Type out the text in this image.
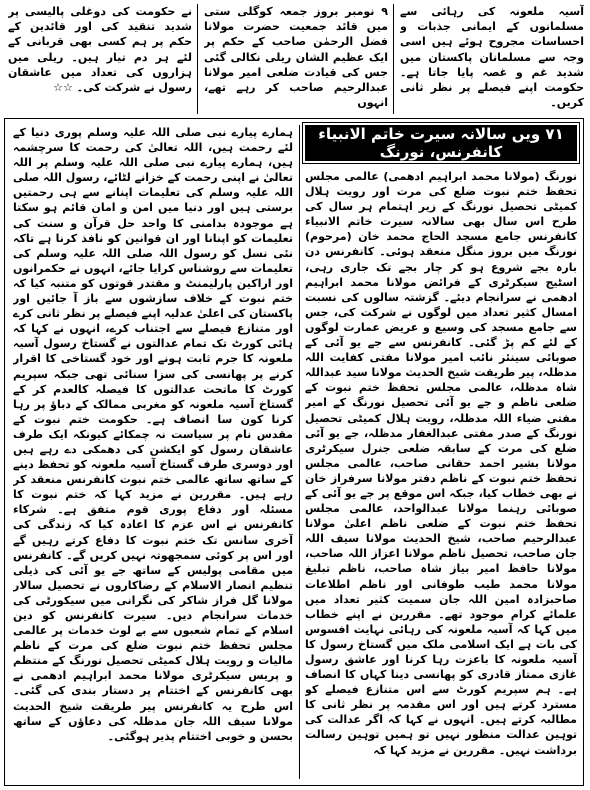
آسیہ ملعونہ کی رہائی سے مسلمانوں کے ایمانی جذبات و احساسات مجروح ہوئے ہیں اسی وجہ سے مسلمانان پاکستان میں شدید غم و غصہ پایا جاتا ہے۔ حکومت اپنے فیصلے پر نظر ثانی کریں۔

۹ نومبر بروز جمعہ کوگلی ستی میں قائد جمعیت حضرت مولانا فضل الرحمٰن صاحب کے حکم پر ایک عظیم الشان ریلی نکالی گئی جس کی قیادت ضلعی امیر مولانا عبدالرحیم صاحب کر رہے تھے، انہوں

نے حکومت کی دوغلی پالیسی پر شدید تنقید کی اور قائدین کے حکم پر ہم کسی بھی قربانی کے لئے ہر دم تیار ہیں۔ ریلی میں ہزاروں کی تعداد میں عاشقان رسول نے شرکت کی۔ ☆☆

۷۱ ویں سالانہ سیرت خاتم الانبیاء کانفرنس، نورنگ

نورنگ (مولانا محمد ابراہیم ادھمی) عالمی مجلس تحفظ ختم نبوت ضلع کی مرت اور رویت ہلال کمیٹی تحصیل نورنگ کے زیر اہتمام ہر سال کی طرح اس سال بھی سالانہ سیرت خاتم الانبیاء کانفرنس جامع مسجد الحاج محمد خان (مرحوم) نورنگ میں بروز منگل منعقد ہوئی۔ کانفرنس دن بارہ بجے شروع ہو کر چار بجے تک جاری رہی، اسٹیج سیکرٹری کے فرائض مولانا محمد ابراہیم ادھمی نے سرانجام دیئے۔ گزشتہ سالوں کی نسبت امسال کثیر تعداد میں لوگوں نے شرکت کی، جس سے جامع مسجد کی وسیع و عریض عمارت لوگوں کے لئے کم پڑ گئی۔ کانفرنس سے جے یو آئی کے صوبائی سینئر نائب امیر مولانا مفتی کفایت اللہ مدظلہ، پیر طریقت شیخ الحدیث مولانا سید عبداللہ شاہ مدظلہ، عالمی مجلس تحفظ ختم نبوت کے ضلعی ناظم و جے یو آئی تحصیل نورنگ کے امیر مفتی ضیاء اللہ مدظلہ، رویت ہلال کمیٹی تحصیل نورنگ کے صدر مفتی عبدالغفار مدظلہ، جے یو آئی ضلع کی مرت کے سابقہ ضلعی جنرل سیکرٹری مولانا بشیر احمد حقانی صاحب، عالمی مجلس تحفظ ختم نبوت کے ناظم دفتر مولانا سرفراز خان نے بھی خطاب کیا، جبکہ اس موقع پر جے یو آئی کے صوبائی رہنما مولانا عبدالواحد، عالمی مجلس تحفظ ختم نبوت کے ضلعی ناظم اعلیٰ مولانا عبدالرحیم صاحب، شیخ الحدیث مولانا سیف اللہ جان صاحب، تحصیل ناظم مولانا اعزاز اللہ صاحب، مولانا حافظ امیر بیاز شاہ صاحب، ناظم تبلیغ مولانا محمد طیب طوفانی اور ناظم اطلاعات صاحبزادہ امین اللہ جان سمیت کثیر تعداد میں علمائے کرام موجود تھے۔ مقررین نے اپنے خطاب میں کہا کہ آسیہ ملعونہ کی رہائی نہایت افسوس کی بات ہے ایک اسلامی ملک میں گستاخ رسول کا آسیہ ملعونہ کا باعزت رہا کرنا اور عاشق رسول غازی ممتاز قادری کو پھانسی دینا کہاں کا انصاف ہے۔ ہم سپریم کورٹ سے اس متنازع فیصلے کو مسترد کرتے ہیں اور اس مقدمہ پر نظر ثانی کا مطالبہ کرتے ہیں۔ انہوں نے کہا کہ اگر عدالت کی توہین عدالت منظور نہیں تو ہمیں توہین رسالت برداشت نہیں۔ مقررین نے مزید کہا کہ

ہمارے پیارے نبی صلی اللہ علیہ وسلم پوری دنیا کے لئے رحمت ہیں، اللہ تعالیٰ کی رحمت کا سرچشمہ ہیں، ہمارے پیارے نبی صلی اللہ علیہ وسلم پر اللہ تعالیٰ نے اپنی رحمت کے خزانے لٹائے، رسول اللہ صلی اللہ علیہ وسلم کی تعلیمات اپنانے سے ہی رحمتیں برستی ہیں اور دنیا میں امن و امان قائم ہو سکتا ہے موجودہ بدامنی کا واحد حل قرآن و سنت کی تعلیمات کو اپنانا اور ان قوانین کو نافذ کرنا ہے تاکہ نئی نسل کو رسول اللہ صلی اللہ علیہ وسلم کی تعلیمات سے روشناس کرایا جائے، انہوں نے حکمرانوں اور اراکین پارلیمنٹ و مقتدر قوتوں کو متنبہ کیا کہ ختم نبوت کے خلاف سازشوں سے باز آ جائیں اور پاکستان کی اعلیٰ عدلیہ اپنے فیصلے پر نظر ثانی کرے اور متنازع فیصلے سے اجتناب کرے، انہوں نے کہا کہ ہائی کورٹ تک تمام عدالتوں نے گستاخ رسول آسیہ ملعونہ کا جرم ثابت ہونے اور خود گستاخی کا اقرار کرنے پر پھانسی کی سزا سنائی تھی جبکہ سپریم کورٹ کا ماتحت عدالتوں کا فیصلہ کالعدم کر کے گستاخ آسیہ ملعونہ کو مغربی ممالک کے دباؤ پر رہا کرنا کون سا انصاف ہے۔ حکومت ختم نبوت کے مقدس نام پر سیاست نہ چمکائے کیونکہ ایک طرف عاشقان رسول کو ایکشن کی دھمکی دے رہے ہیں اور دوسری طرف گستاخ آسیہ ملعونہ کو تحفظ دینے کے ساتھ ساتھ عالمی ختم نبوت کانفرنس منعقد کر رہے ہیں۔ مقررین نے مزید کہا کہ ختم نبوت کا مسئلہ اور دفاع پوری قوم متفق ہے۔ شرکاء کانفرنس نے اس عزم کا اعادہ کیا کہ زندگی کی آخری سانس تک ختم نبوت کا دفاع کرتے رہیں گے اور اس پر کوئی سمجھوتہ نہیں کریں گے۔ کانفرنس میں مقامی پولیس کے ساتھ جے یو آئی کی ذیلی تنظیم انصار الاسلام کے رضاکاروں نے تحصیل سالار مولانا گل فراز شاکر کی نگرانی میں سیکورٹی کی خدمات سرانجام دیں۔ سیرت کانفرنس کو دین اسلام کے تمام شعبوں سے بے لوث خدمات پر عالمی مجلس تحفظ ختم نبوت ضلع کی مرت کے ناظم مالیات و رویت ہلال کمیٹی تحصیل نورنگ کے منتظم و پریس سیکرٹری مولانا محمد ابراہیم ادھمی نے بھی کانفرنس کے اختتام پر دستار بندی کی گئی۔ اس طرح یہ کانفرنس پیر طریقت شیخ الحدیث مولانا سیف اللہ جان مدظلہ کی دعاؤں کے ساتھ بحسن و خوبی اختتام پذیر ہوگئی۔
